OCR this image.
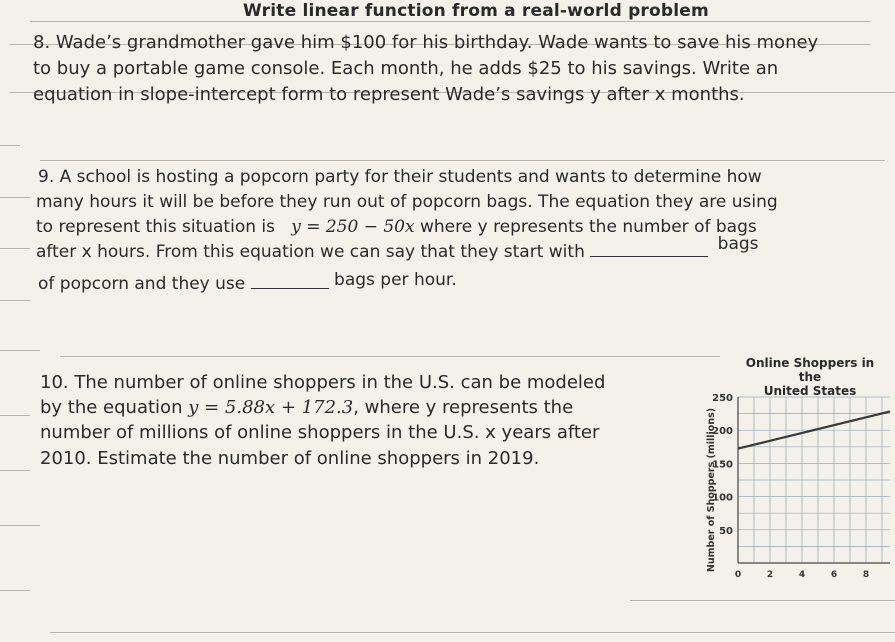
Write linear function from a real-world problem
8. Wade’s grandmother gave him $100 for his birthday. Wade wants to save his money
to buy a portable game console. Each month, he adds $25 to his savings. Write an
equation in slope-intercept form to represent Wade’s savings y after x months.
9. A school is hosting a popcorn party for their students and wants to determine how
many hours it will be before they run out of popcorn bags. The equation they are using
to represent this situation is y = 250 − 50x where y represents the number of bags
after x hours. From this equation we can say that they start with	bags
of popcorn and they use	bags per hour.
10. The number of online shoppers in the U.S. can be modeled
by the equation y = 5.88x + 172.3, where y represents the
number of millions of online shoppers in the U.S. x years after
2010. Estimate the number of online shoppers in 2019.
Online Shoppers in the
United States
50
100
150
200
250
0	2	4	6	8
Number of Shoppers (millions)
